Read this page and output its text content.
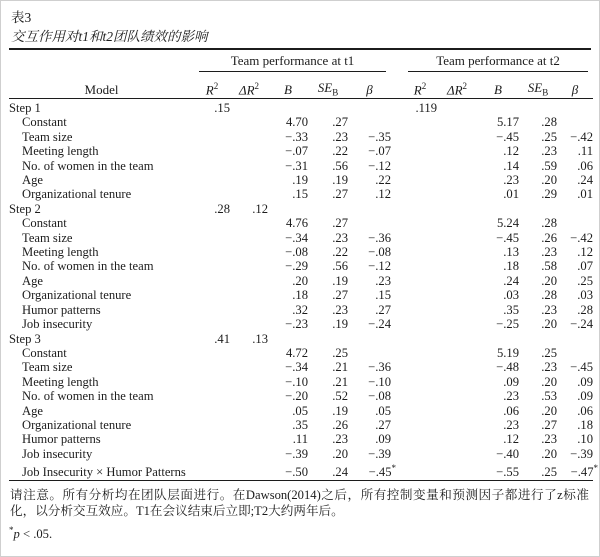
表3
交互作用对t1和t2团队绩效的影响

	Team performance at t1						Team performance at t2				

Model	$R^2$	$\Delta R^2$	B	$SE_B$	β		$R^2$	$\Delta R^2$	B	$SE_B$	β
Step 1	.15						.119				
Constant			4.70	.27					5.17	.28	
Team size			−.33	.23	−.35				−.45	.25	−.42
Meeting length			−.07	.22	−.07				.12	.23	.11
No. of women in the team			−.31	.56	−.12				.14	.59	.06
Age			.19	.19	.22				.23	.20	.24
Organizational tenure			.15	.27	.12				.01	.29	.01
Step 2	.28	.12									
Constant			4.76	.27					5.24	.28	
Team size			−.34	.23	−.36				−.45	.26	−.42
Meeting length			−.08	.22	−.08				.13	.23	.12
No. of women in the team			−.29	.56	−.12				.18	.58	.07
Age			.20	.19	.23				.24	.20	.25
Organizational tenure			.18	.27	.15				.03	.28	.03
Humor patterns			.32	.23	.27				.35	.23	.28
Job insecurity			−.23	.19	−.24				−.25	.20	−.24
Step 3	.41	.13									
Constant			4.72	.25					5.19	.25	
Team size			−.34	.21	−.36				−.48	.23	−.45
Meeting length			−.10	.21	−.10				.09	.20	.09
No. of women in the team			−.20	.52	−.08				.23	.53	.09
Age			.05	.19	.05				.06	.20	.06
Organizational tenure			.35	.26	.27				.23	.27	.18
Humor patterns			.11	.23	.09				.12	.23	.10
Job insecurity			−.39	.20	−.39				−.40	.20	−.39
Job Insecurity × Humor Patterns			−.50	.24	−.45*				−.55	.25	−.47*
请注意。所有分析均在团队层面进行。在Dawson(2014)之后，所有控制变量和预测因子都进行了z标准化，以分析交互效应。T1在会议结束后立即;T2大约两年后。
*p < .05.
